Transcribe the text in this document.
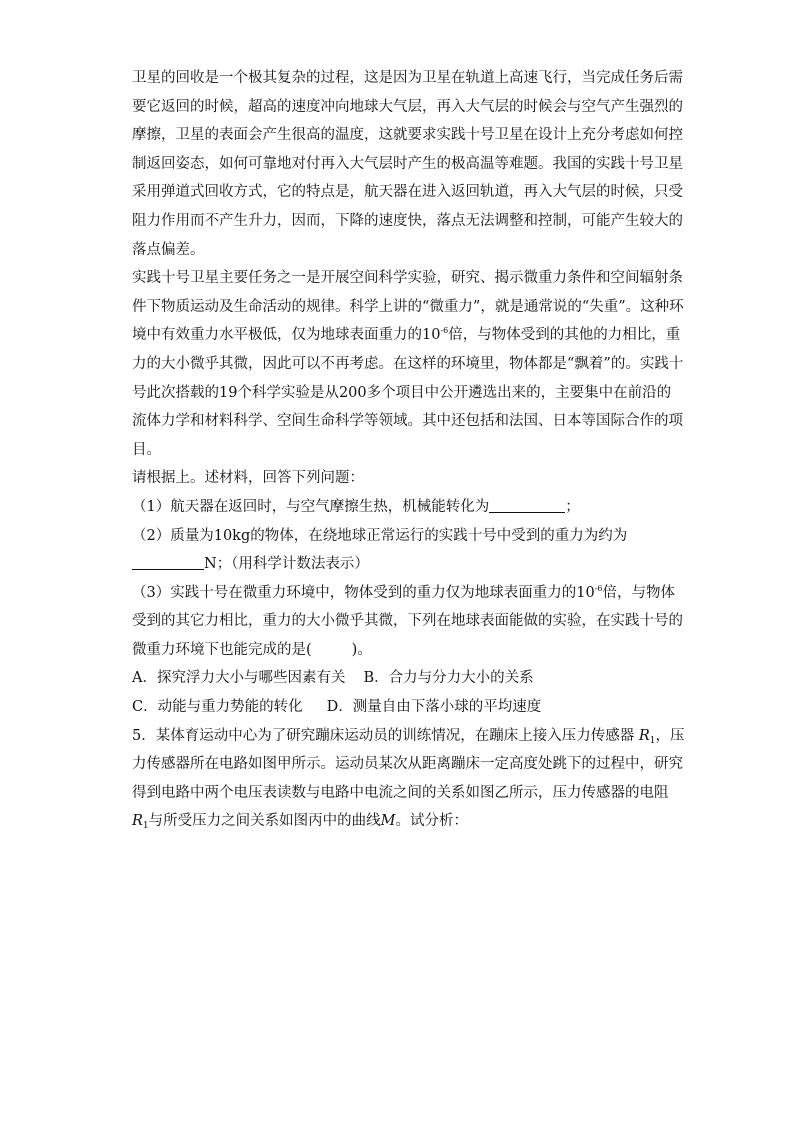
卫星的回收是一个极其复杂的过程，这是因为卫星在轨道上高速飞行，当完成任务后需
要它返回的时候，超高的速度冲向地球大气层，再入大气层的时候会与空气产生强烈的
摩擦，卫星的表面会产生很高的温度，这就要求实践十号卫星在设计上充分考虑如何控
制返回姿态，如何可靠地对付再入大气层时产生的极高温等难题。我国的实践十号卫星
采用弹道式回收方式，它的特点是，航天器在进入返回轨道，再入大气层的时候，只受
阻力作用而不产生升力，因而，下降的速度快，落点无法调整和控制，可能产生较大的
落点偏差。
实践十号卫星主要任务之一是开展空间科学实验，研究、揭示微重力条件和空间辐射条
件下物质运动及生命活动的规律。科学上讲的“微重力”，就是通常说的“失重”。这种环
境中有效重力水平极低，仅为地球表面重力的$10^{-6}$倍，与物体受到的其他的力相比，重
力的大小微乎其微，因此可以不再考虑。在这样的环境里，物体都是“飘着”的。实践十
号此次搭载的19个科学实验是从200多个项目中公开遴选出来的，主要集中在前沿的
流体力学和材料科学、空间生命科学等领域。其中还包括和法国、日本等国际合作的项
目。
请根据上。述材料，回答下列问题：
（1）航天器在返回时，与空气摩擦生热，机械能转化为	；
（2）质量为10kg的物体，在绕地球正常运行的实践十号中受到的重力为约为
N；（用科学计数法表示）
（3）实践十号在微重力环境中，物体受到的重力仅为地球表面重力的$10^{-6}$倍，与物体
受到的其它力相比，重力的大小微乎其微，下列在地球表面能做的实验，在实践十号的
微重力环境下也能完成的是(	)。
A．探究浮力大小与哪些因素有关 B．合力与分力大小的关系
C．动能与重力势能的转化 D．测量自由下落小球的平均速度
5．某体育运动中心为了研究蹦床运动员的训练情况，在蹦床上接入压力传感器 $R_1$，压
力传感器所在电路如图甲所示。运动员某次从距离蹦床一定高度处跳下的过程中，研究
得到电路中两个电压表读数与电路中电流之间的关系如图乙所示，压力传感器的电阻
$R_1$与所受压力之间关系如图丙中的曲线M。试分析：
